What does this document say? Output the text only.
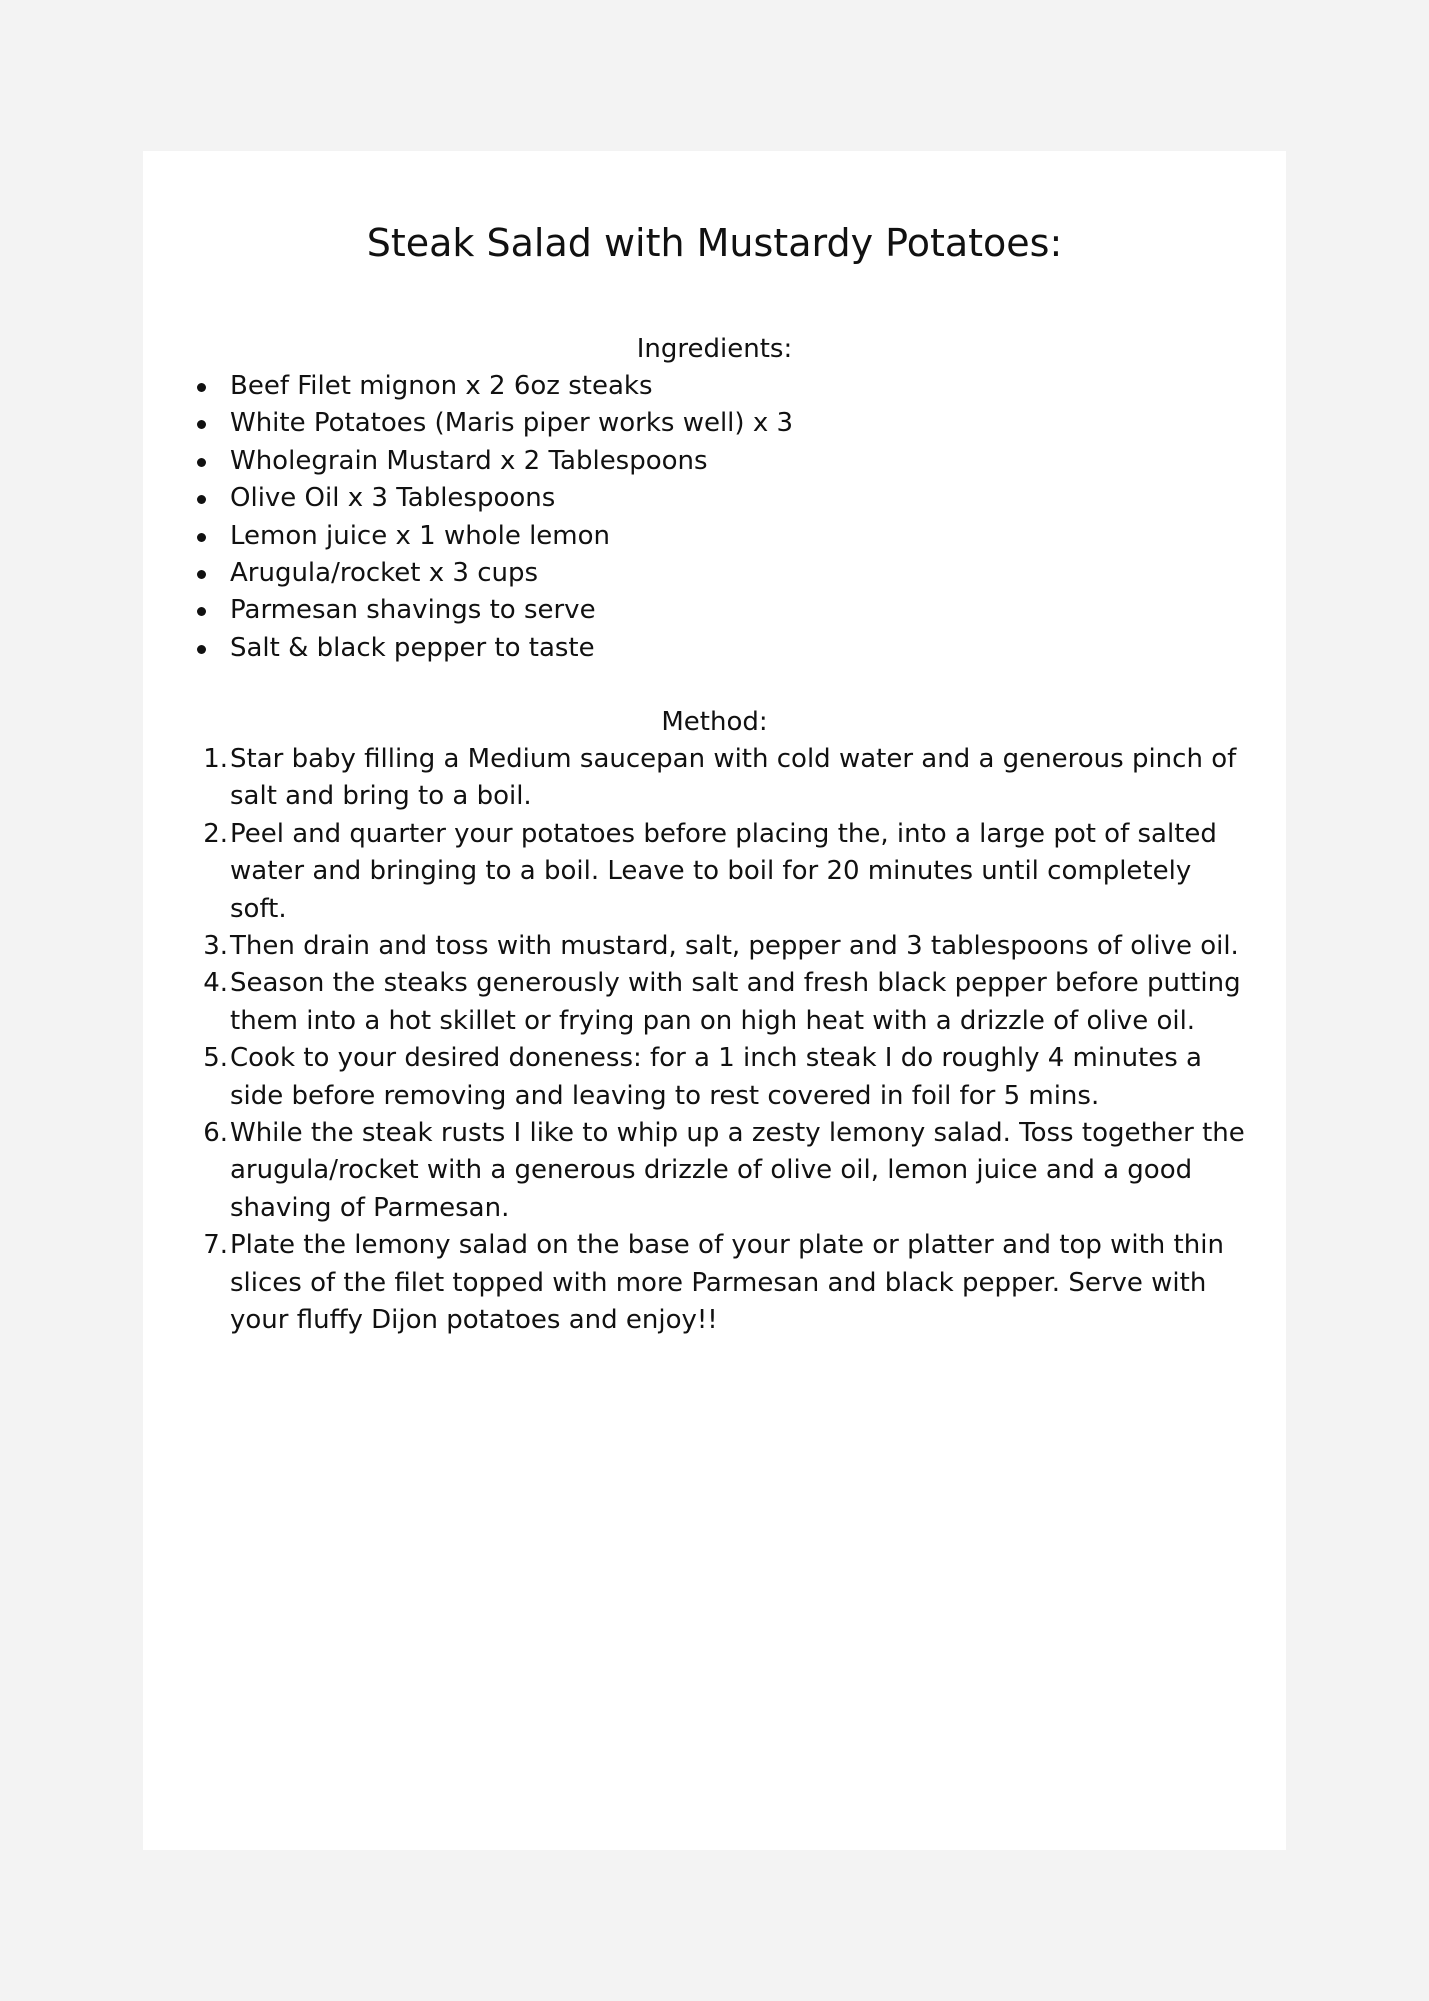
Steak Salad with Mustardy Potatoes:
Ingredients:
Beef Filet mignon x 2 6oz steaks
White Potatoes (Maris piper works well) x 3
Wholegrain Mustard x 2 Tablespoons
Olive Oil x 3 Tablespoons
Lemon juice x 1 whole lemon
Arugula/rocket x 3 cups
Parmesan shavings to serve
Salt & black pepper to taste
Method:
1. Star baby filling a Medium saucepan with cold water and a generous pinch of salt and bring to a boil.
2. Peel and quarter your potatoes before placing the, into a large pot of salted water and bringing to a boil. Leave to boil for 20 minutes until completely soft.
3. Then drain and toss with mustard, salt, pepper and 3 tablespoons of olive oil.
4. Season the steaks generously with salt and fresh black pepper before putting them into a hot skillet or frying pan on high heat with a drizzle of olive oil.
5. Cook to your desired doneness: for a 1 inch steak I do roughly 4 minutes a side before removing and leaving to rest covered in foil for 5 mins.
6. While the steak rusts I like to whip up a zesty lemony salad. Toss together the arugula/rocket with a generous drizzle of olive oil, lemon juice and a good shaving of Parmesan.
7. Plate the lemony salad on the base of your plate or platter and top with thin slices of the filet topped with more Parmesan and black pepper. Serve with your fluffy Dijon potatoes and enjoy!!
